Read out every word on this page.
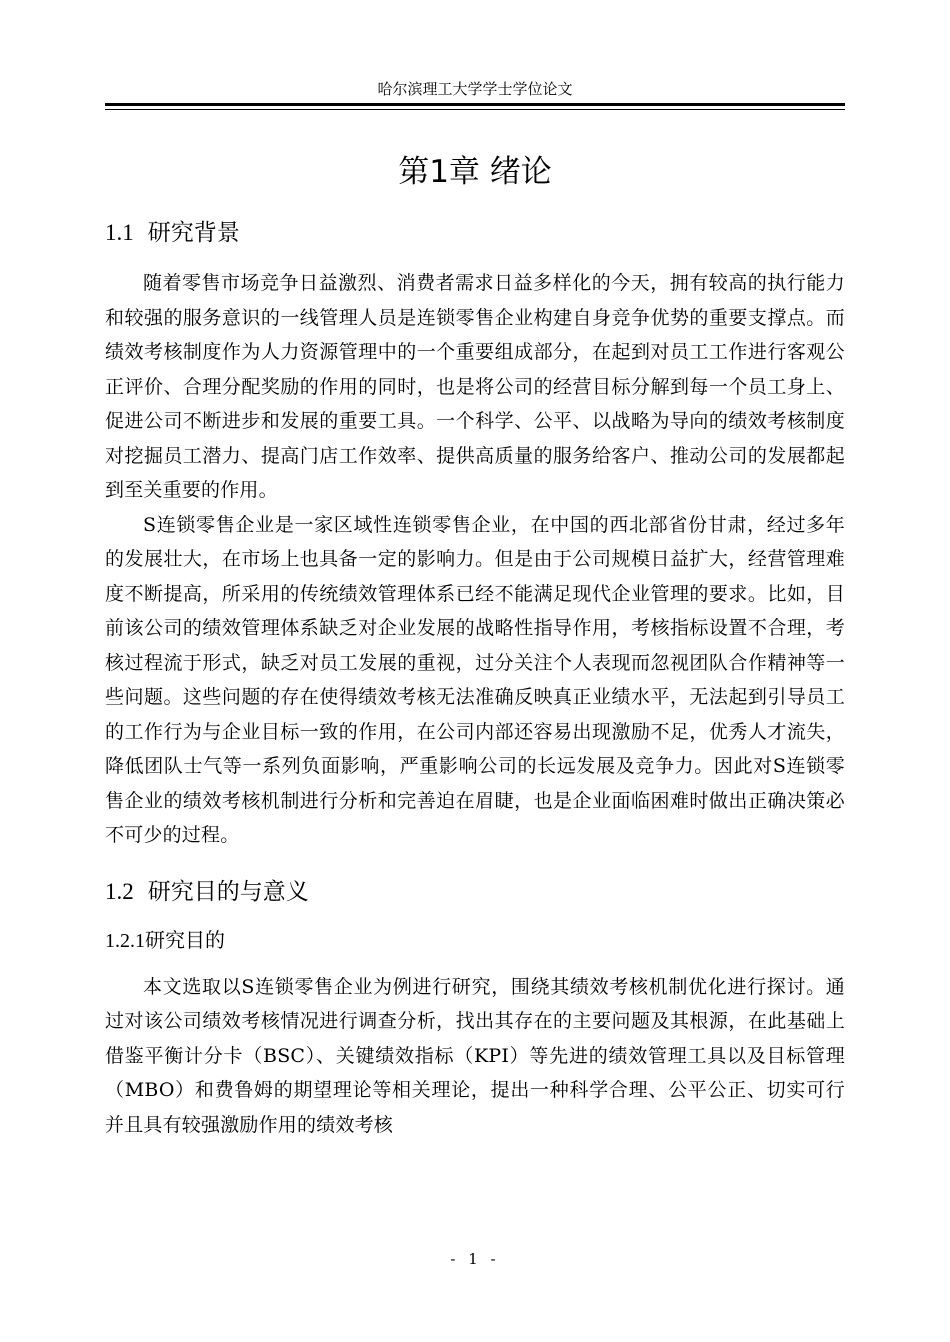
哈尔滨理工大学学士学位论文
第1章 绪论
1.1 研究背景

随着零售市场竞争日益激烈、消费者需求日益多样化的今天，拥有较高的执行能力和较强的服务意识的一线管理人员是连锁零售企业构建自身竞争优势的重要支撑点。而绩效考核制度作为人力资源管理中的一个重要组成部分，在起到对员工工作进行客观公正评价、合理分配奖励的作用的同时，也是将公司的经营目标分解到每一个员工身上、促进公司不断进步和发展的重要工具。一个科学、公平、以战略为导向的绩效考核制度对挖掘员工潜力、提高门店工作效率、提供高质量的服务给客户、推动公司的发展都起到至关重要的作用。

S连锁零售企业是一家区域性连锁零售企业，在中国的西北部省份甘肃，经过多年的发展壮大，在市场上也具备一定的影响力。但是由于公司规模日益扩大，经营管理难度不断提高，所采用的传统绩效管理体系已经不能满足现代企业管理的要求。比如，目前该公司的绩效管理体系缺乏对企业发展的战略性指导作用，考核指标设置不合理，考核过程流于形式，缺乏对员工发展的重视，过分关注个人表现而忽视团队合作精神等一些问题。这些问题的存在使得绩效考核无法准确反映真正业绩水平，无法起到引导员工的工作行为与企业目标一致的作用，在公司内部还容易出现激励不足，优秀人才流失，降低团队士气等一系列负面影响，严重影响公司的长远发展及竞争力。因此对S连锁零售企业的绩效考核机制进行分析和完善迫在眉睫，也是企业面临困难时做出正确决策必不可少的过程。

1.2 研究目的与意义
1.2.1研究目的

本文选取以S连锁零售企业为例进行研究，围绕其绩效考核机制优化进行探讨。通过对该公司绩效考核情况进行调查分析，找出其存在的主要问题及其根源，在此基础上借鉴平衡计分卡（BSC）、关键绩效指标（KPI）等先进的绩效管理工具以及目标管理（MBO）和费鲁姆的期望理论等相关理论，提出一种科学合理、公平公正、切实可行并且具有较强激励作用的绩效考核

- 1 -
